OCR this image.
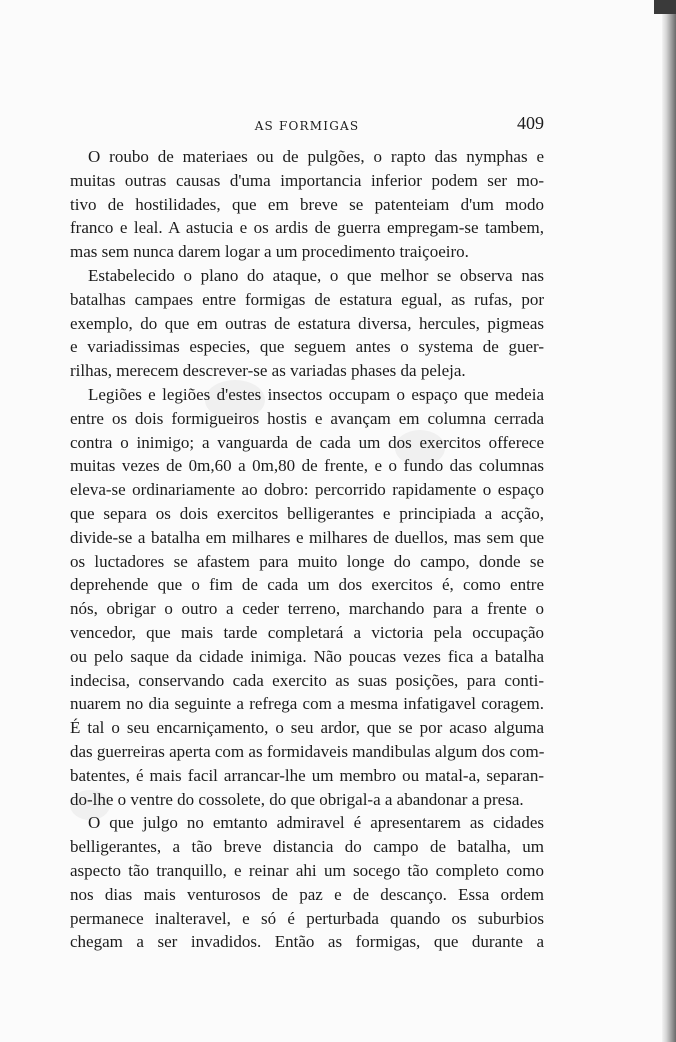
AS FORMIGAS	409
O roubo de materiaes ou de pulgões, o rapto das nymphas e
muitas outras causas d'uma importancia inferior podem ser mo-
tivo de hostilidades, que em breve se patenteiam d'um modo
franco e leal. A astucia e os ardis de guerra empregam-se tambem,
mas sem nunca darem logar a um procedimento traiçoeiro.
Estabelecido o plano do ataque, o que melhor se observa nas
batalhas campaes entre formigas de estatura egual, as rufas, por
exemplo, do que em outras de estatura diversa, hercules, pigmeas
e variadissimas especies, que seguem antes o systema de guer-
rilhas, merecem descrever-se as variadas phases da peleja.
Legiões e legiões d'estes insectos occupam o espaço que medeia
entre os dois formigueiros hostis e avançam em columna cerrada
contra o inimigo; a vanguarda de cada um dos exercitos offerece
muitas vezes de 0m,60 a 0m,80 de frente, e o fundo das columnas
eleva-se ordinariamente ao dobro: percorrido rapidamente o espaço
que separa os dois exercitos belligerantes e principiada a acção,
divide-se a batalha em milhares e milhares de duellos, mas sem que
os luctadores se afastem para muito longe do campo, donde se
deprehende que o fim de cada um dos exercitos é, como entre
nós, obrigar o outro a ceder terreno, marchando para a frente o
vencedor, que mais tarde completará a victoria pela occupação
ou pelo saque da cidade inimiga. Não poucas vezes fica a batalha
indecisa, conservando cada exercito as suas posições, para conti-
nuarem no dia seguinte a refrega com a mesma infatigavel coragem.
É tal o seu encarniçamento, o seu ardor, que se por acaso alguma
das guerreiras aperta com as formidaveis mandibulas algum dos com-
batentes, é mais facil arrancar-lhe um membro ou matal-a, separan-
do-lhe o ventre do cossolete, do que obrigal-a a abandonar a presa.
O que julgo no emtanto admiravel é apresentarem as cidades
belligerantes, a tão breve distancia do campo de batalha, um
aspecto tão tranquillo, e reinar ahi um socego tão completo como
nos dias mais venturosos de paz e de descanço. Essa ordem
permanece inalteravel, e só é perturbada quando os suburbios
chegam a ser invadidos. Então as formigas, que durante a
